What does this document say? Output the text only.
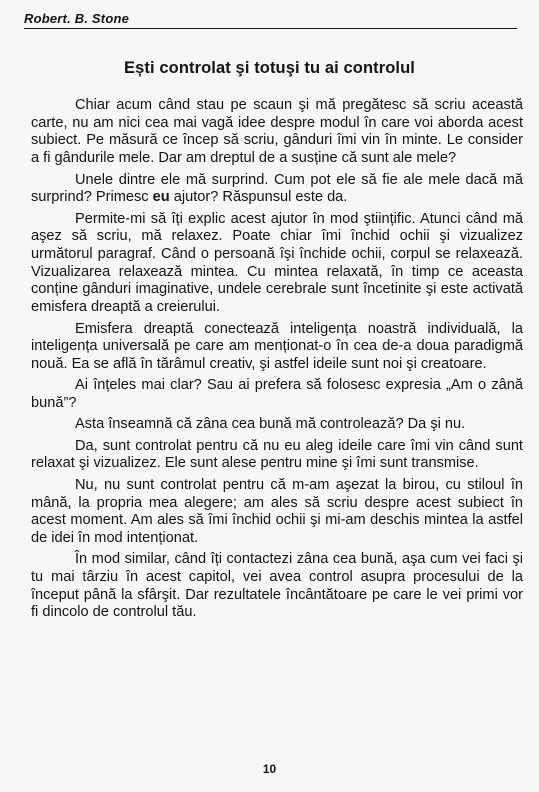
Robert. B. Stone
Ești controlat şi totuşi tu ai controlul

Chiar acum când stau pe scaun şi mă pregătesc să scriu această carte, nu am nici cea mai vagă idee despre modul în care voi aborda acest subiect. Pe măsură ce încep să scriu, gânduri îmi vin în minte. Le consider a fi gândurile mele. Dar am dreptul de a susține că sunt ale mele?

Unele dintre ele mă surprind. Cum pot ele să fie ale mele dacă mă surprind? Primesc eu ajutor? Răspunsul este da.

Permite-mi să îți explic acest ajutor în mod ştiințific. Atunci când mă aşez să scriu, mă relaxez. Poate chiar îmi închid ochii şi vizualizez următorul paragraf. Când o persoană îşi închide ochii, corpul se relaxează. Vizualizarea relaxează mintea. Cu mintea relaxată, în timp ce aceasta conține gânduri imaginative, undele cerebrale sunt încetinite şi este activată emisfera dreaptă a creierului.

Emisfera dreaptă conectează inteligența noastră individuală, la inteligența universală pe care am menționat-o în cea de-a doua paradigmă nouă. Ea se află în tărâmul creativ, şi astfel ideile sunt noi şi creatoare.

Ai înțeles mai clar? Sau ai prefera să folosesc expresia „Am o zână bună”?

Asta înseamnă că zâna cea bună mă controlează? Da şi nu.

Da, sunt controlat pentru că nu eu aleg ideile care îmi vin când sunt relaxat şi vizualizez. Ele sunt alese pentru mine şi îmi sunt transmise.

Nu, nu sunt controlat pentru că m-am aşezat la birou, cu stiloul în mână, la propria mea alegere; am ales să scriu despre acest subiect în acest moment. Am ales să îmi închid ochii şi mi-am deschis mintea la astfel de idei în mod intenționat.

În mod similar, când îți contactezi zâna cea bună, aşa cum vei faci şi tu mai târziu în acest capitol, vei avea control asupra procesului de la început până la sfârşit. Dar rezultatele încântătoare pe care le vei primi vor fi dincolo de controlul tău.

10
